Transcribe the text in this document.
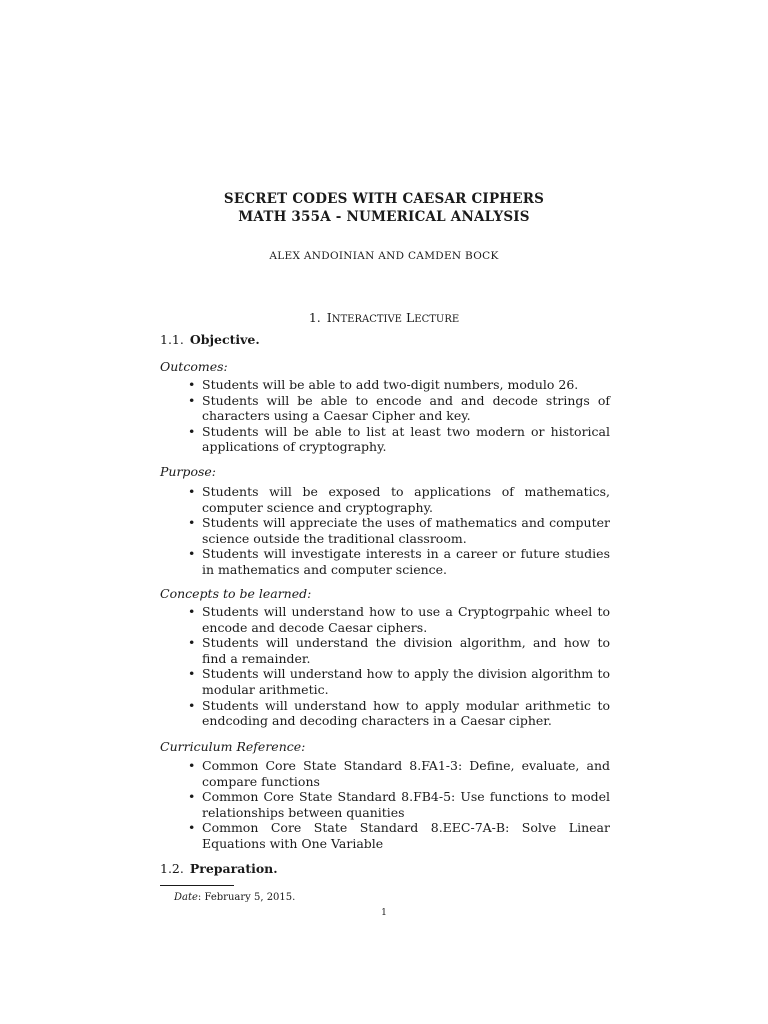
SECRET CODES WITH CAESAR CIPHERS
MATH 355A - NUMERICAL ANALYSIS
ALEX ANDOINIAN AND CAMDEN BOCK
1. INTERACTIVE LECTURE
1.1. Objective.
Outcomes:
• Students will be able to add two-digit numbers, modulo 26.
• Students will be able to encode and and decode strings of characters using a Caesar Cipher and key.
• Students will be able to list at least two modern or historical applications of cryptography.
Purpose:
• Students will be exposed to applications of mathematics, computer science and cryptography.
• Students will appreciate the uses of mathematics and computer science outside the traditional classroom.
• Students will investigate interests in a career or future studies in mathematics and computer science.
Concepts to be learned:
• Students will understand how to use a Cryptogrpahic wheel to encode and decode Caesar ciphers.
• Students will understand the division algorithm, and how to find a remainder.
• Students will understand how to apply the division algorithm to modular arithmetic.
• Students will understand how to apply modular arithmetic to endcoding and decoding characters in a Caesar cipher.
Curriculum Reference:
• Common Core State Standard 8.FA1-3: Define, evaluate, and compare functions
• Common Core State Standard 8.FB4-5: Use functions to model relationships between quanities
• Common Core State Standard 8.EEC-7A-B: Solve Linear Equations with One Variable
1.2. Preparation.
Date: February 5, 2015.
1
